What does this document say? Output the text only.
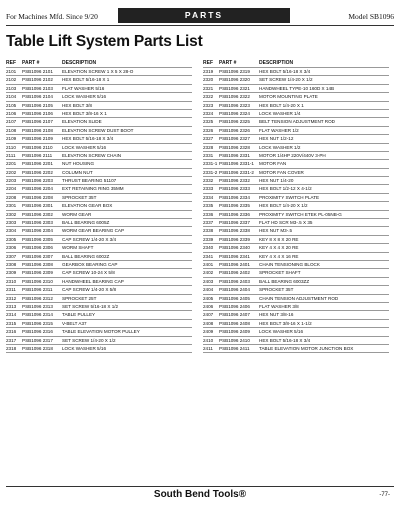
For Machines Mfd. Since 9/20	PARTS	Model SB1096
Table Lift System Parts List
REF	PART #	DESCRIPTION
2101	PSB1096 2101	ELEVATION SCREW 1 X 5 X 28-O
2102	PSB1096 2102	HEX BOLT 5/16-18 X 1
2103	PSB1096 2103	FLAT WASHER 5/16
2104	PSB1096 2104	LOCK WASHER 5/16
2105	PSB1096 2105	HEX BOLT 3/8
2106	PSB1096 2106	HEX BOLT 3/8-16 X 1
2107	PSB1096 2107	ELEVATION SLIDE
2108	PSB1096 2108	ELEVATION SCREW DUST BOOT
2109	PSB1096 2109	HEX BOLT 5/16-18 X 3/4
2110	PSB1096 2110	LOCK WASHER 5/16
2111	PSB1096 2111	ELEVATION SCREW CHAIN
2201	PSB1096 2201	NUT HOUSING
2202	PSB1096 2202	COLUMN NUT
2203	PSB1096 2203	THRUST BEARING 51107
2204	PSB1096 2204	EXT RETAINING RING 35MM
2208	PSB1096 2208	SPROCKET 35T
2301	PSB1096 2301	ELEVATION GEAR BOX
2302	PSB1096 2302	WORM GEAR
2303	PSB1096 2303	BALL BEARING 6005Z
2304	PSB1096 2304	WORM GEAR BEARING CAP
2305	PSB1096 2305	CAP SCREW 1/4-20 X 3/4
2306	PSB1096 2306	WORM SHAFT
2307	PSB1096 2307	BALL BEARING 6002Z
2308	PSB1096 2308	GEARBOX BEARING CAP
2309	PSB1096 2309	CAP SCREW 10-24 X 5/8
2310	PSB1096 2310	HANDWHEEL BEARING CAP
2311	PSB1096 2311	CAP SCREW 1/4-20 X 5/8
2312	PSB1096 2312	SPROCKET 25T
2313	PSB1096 2313	SET SCREW 5/16-18 X 1/2
2314	PSB1096 2314	TABLE PULLEY
2315	PSB1096 2315	V-BELT A37
2316	PSB1096 2316	TABLE ELEVATION MOTOR PULLEY
2317	PSB1096 2317	SET SCREW 1/4-20 X 1/2
2318	PSB1096 2318	LOCK WASHER 5/16
REF	PART #	DESCRIPTION
2319	PSB1096 2319	HEX BOLT 5/16-18 X 3/4
2320	PSB1096 2320	SET SCREW 1/4-20 X 1/2
2321	PSB1096 2321	HANDWHEEL TYPE-10 160D X 14B
2322	PSB1096 2322	MOTOR MOUNTING PLATE
2323	PSB1096 2323	HEX BOLT 1/4-20 X 1
2324	PSB1096 2324	LOCK WASHER 1/4
2325	PSB1096 2325	BELT TENSION ADJUSTMENT ROD
2326	PSB1096 2326	FLAT WASHER 1/2
2327	PSB1096 2327	HEX NUT 1/2-12
2328	PSB1096 2328	LOCK WASHER 1/2
2331	PSB1096 2331	MOTOR 1/4HP 220V/440V 3-PH
2331-1 PSB1096 2331-1	MOTOR FAN
2331-2 PSB1096 2331-2	MOTOR FAN COVER
2332	PSB1096 2332	HEX NUT 1/4-20
2333	PSB1096 2333	HEX BOLT 1/2-12 X 4-1/2
2334	PSB1096 2334	PROXIMITY SWITCH PLATE
2335	PSB1096 2335	HEX BOLT 1/4-20 X 1/2
2336	PSB1096 2336	PROXIMITY SWITCH ETEK PL-05NB-G
2337	PSB1096 2337	FLAT HD SCR M3-.5 X 35
2338	PSB1096 2338	HEX NUT M3-.5
2339	PSB1096 2339	KEY 8 X 8 X 20 RE
2340	PSB1096 2340	KEY 4 X 4 X 20 RE
2341	PSB1096 2341	KEY 4 X 4 X 16 RE
2401	PSB1096 2401	CHAIN TENSIONING BLOCK
2402	PSB1096 2402	SPROCKET SHAFT
2403	PSB1096 2403	BALL BEARING 6003ZZ
2404	PSB1096 2404	SPROCKET 35T
2405	PSB1096 2405	CHAIN TENSION ADJUSTMENT ROD
2406	PSB1096 2406	FLAT WASHER 3/8
2407	PSB1096 2407	HEX NUT 3/8-16
2408	PSB1096 2408	HEX BOLT 3/8-16 X 1-1/2
2409	PSB1096 2409	LOCK WASHER 5/16
2410	PSB1096 2410	HEX BOLT 5/16-18 X 3/4
2411	PSB1096 2411	TABLE ELEVATION MOTOR JUNCTION BOX
South Bend Tools®	-77-
